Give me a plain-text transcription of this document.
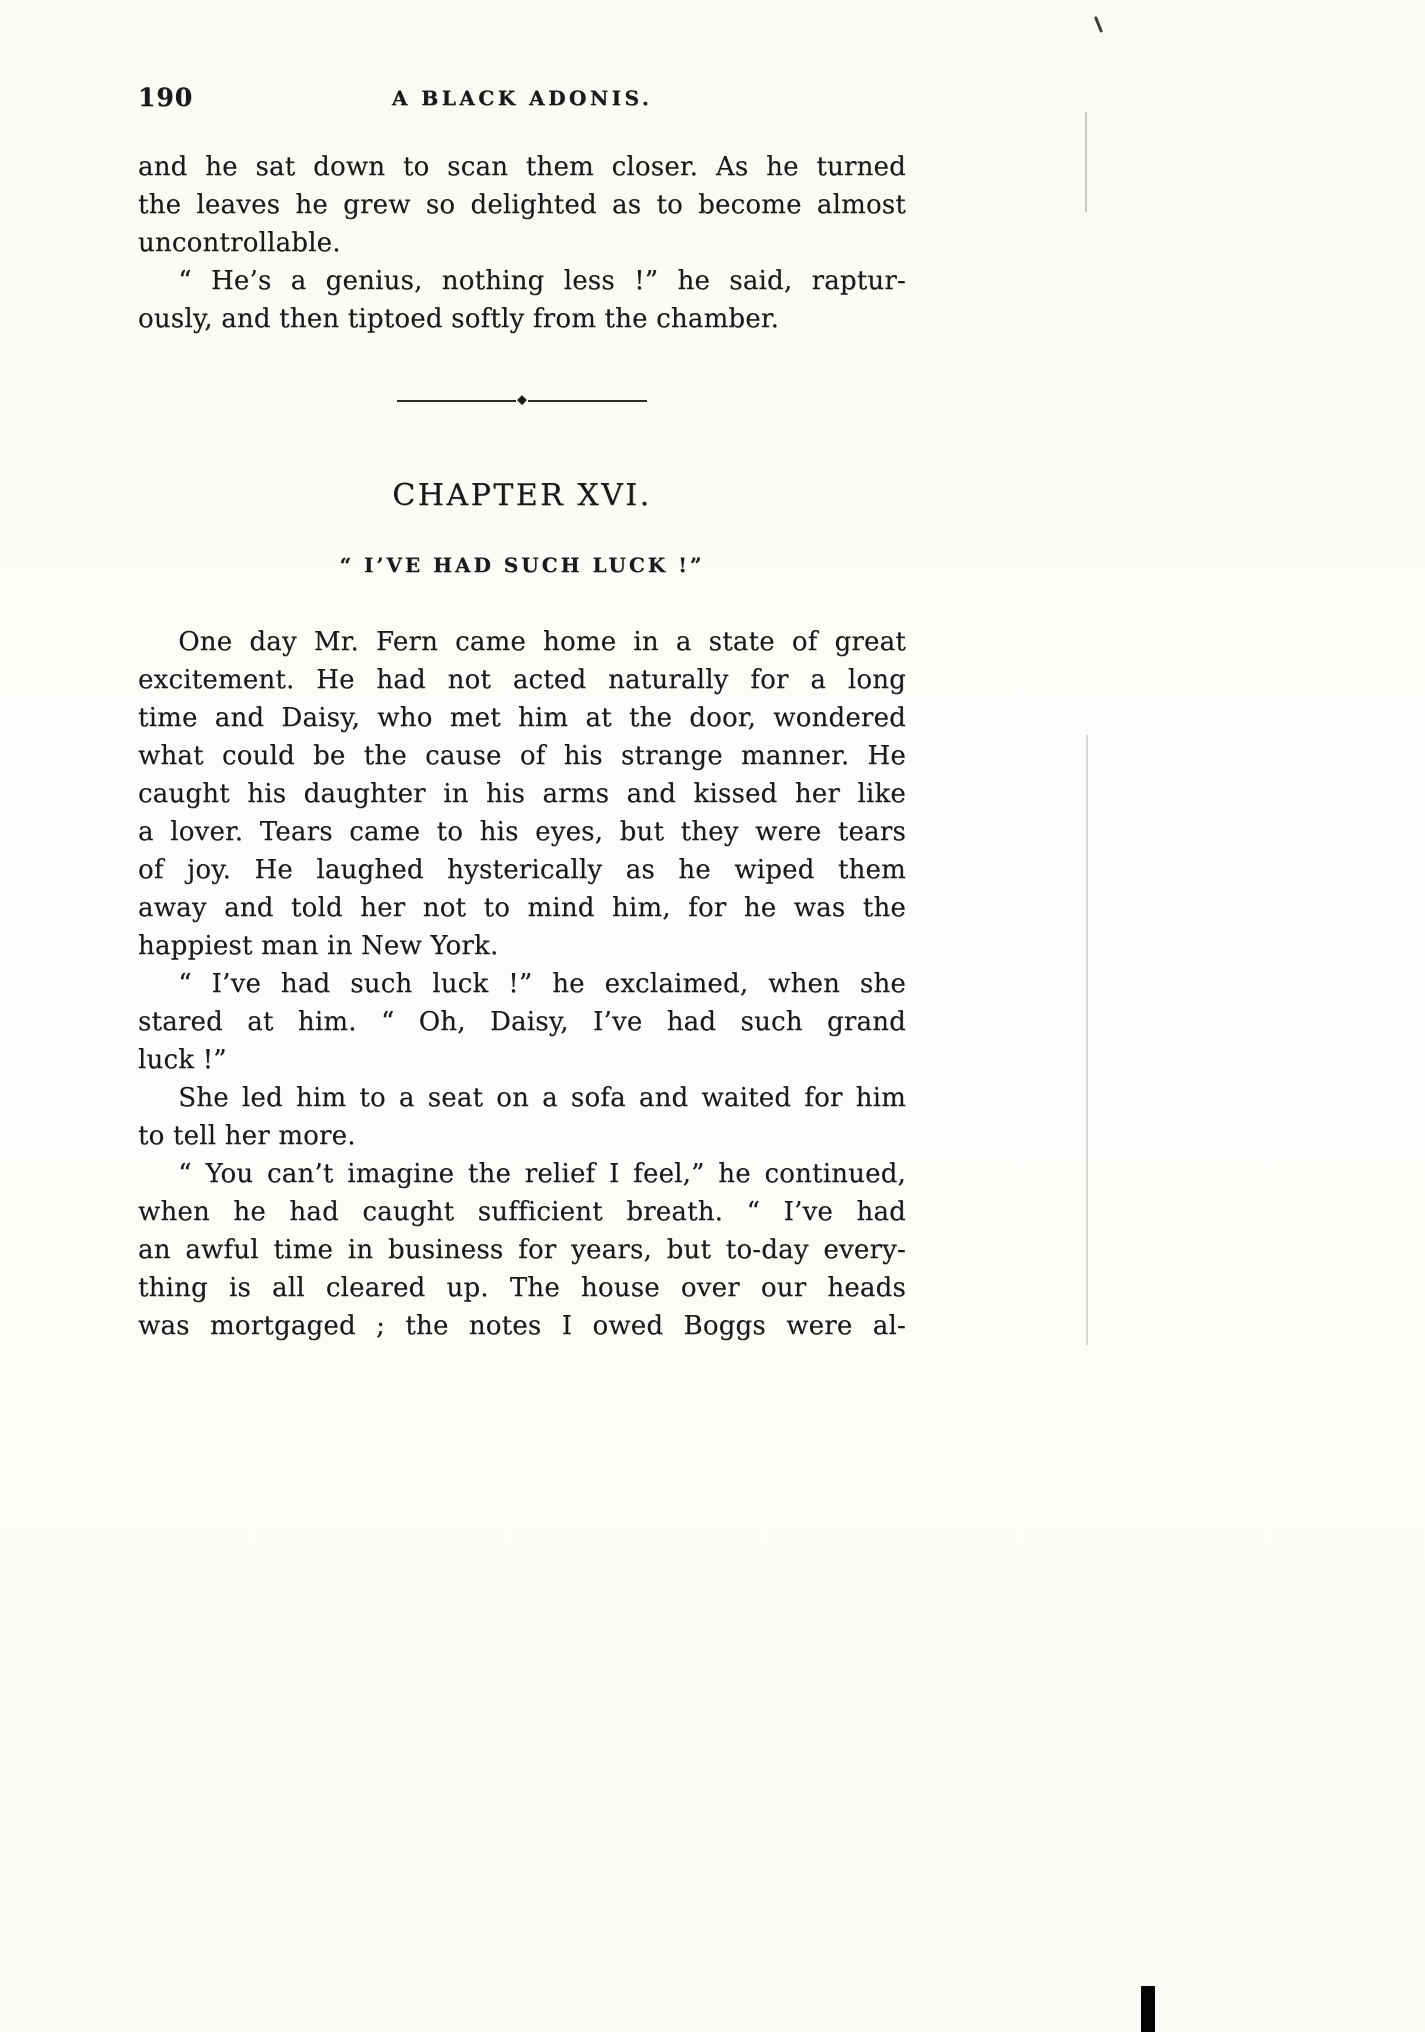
190	A BLACK ADONIS.

and he sat down to scan them closer. As he turned
the leaves he grew so delighted as to become almost
uncontrollable.

“ He’s a genius, nothing less !” he said, raptur-
ously, and then tiptoed softly from the chamber.

◆
CHAPTER XVI.
“ I’VE HAD SUCH LUCK !”

One day Mr. Fern came home in a state of great
excitement. He had not acted naturally for a long
time and Daisy, who met him at the door, wondered
what could be the cause of his strange manner. He
caught his daughter in his arms and kissed her like
a lover. Tears came to his eyes, but they were tears
of joy. He laughed hysterically as he wiped them
away and told her not to mind him, for he was the
happiest man in New York.

“ I’ve had such luck !” he exclaimed, when she
stared at him. “ Oh, Daisy, I’ve had such grand
luck !”

She led him to a seat on a sofa and waited for him
to tell her more.

“ You can’t imagine the relief I feel,” he continued,
when he had caught sufficient breath. “ I’ve had
an awful time in business for years, but to-day every-
thing is all cleared up. The house over our heads
was mortgaged ; the notes I owed Boggs were al-
